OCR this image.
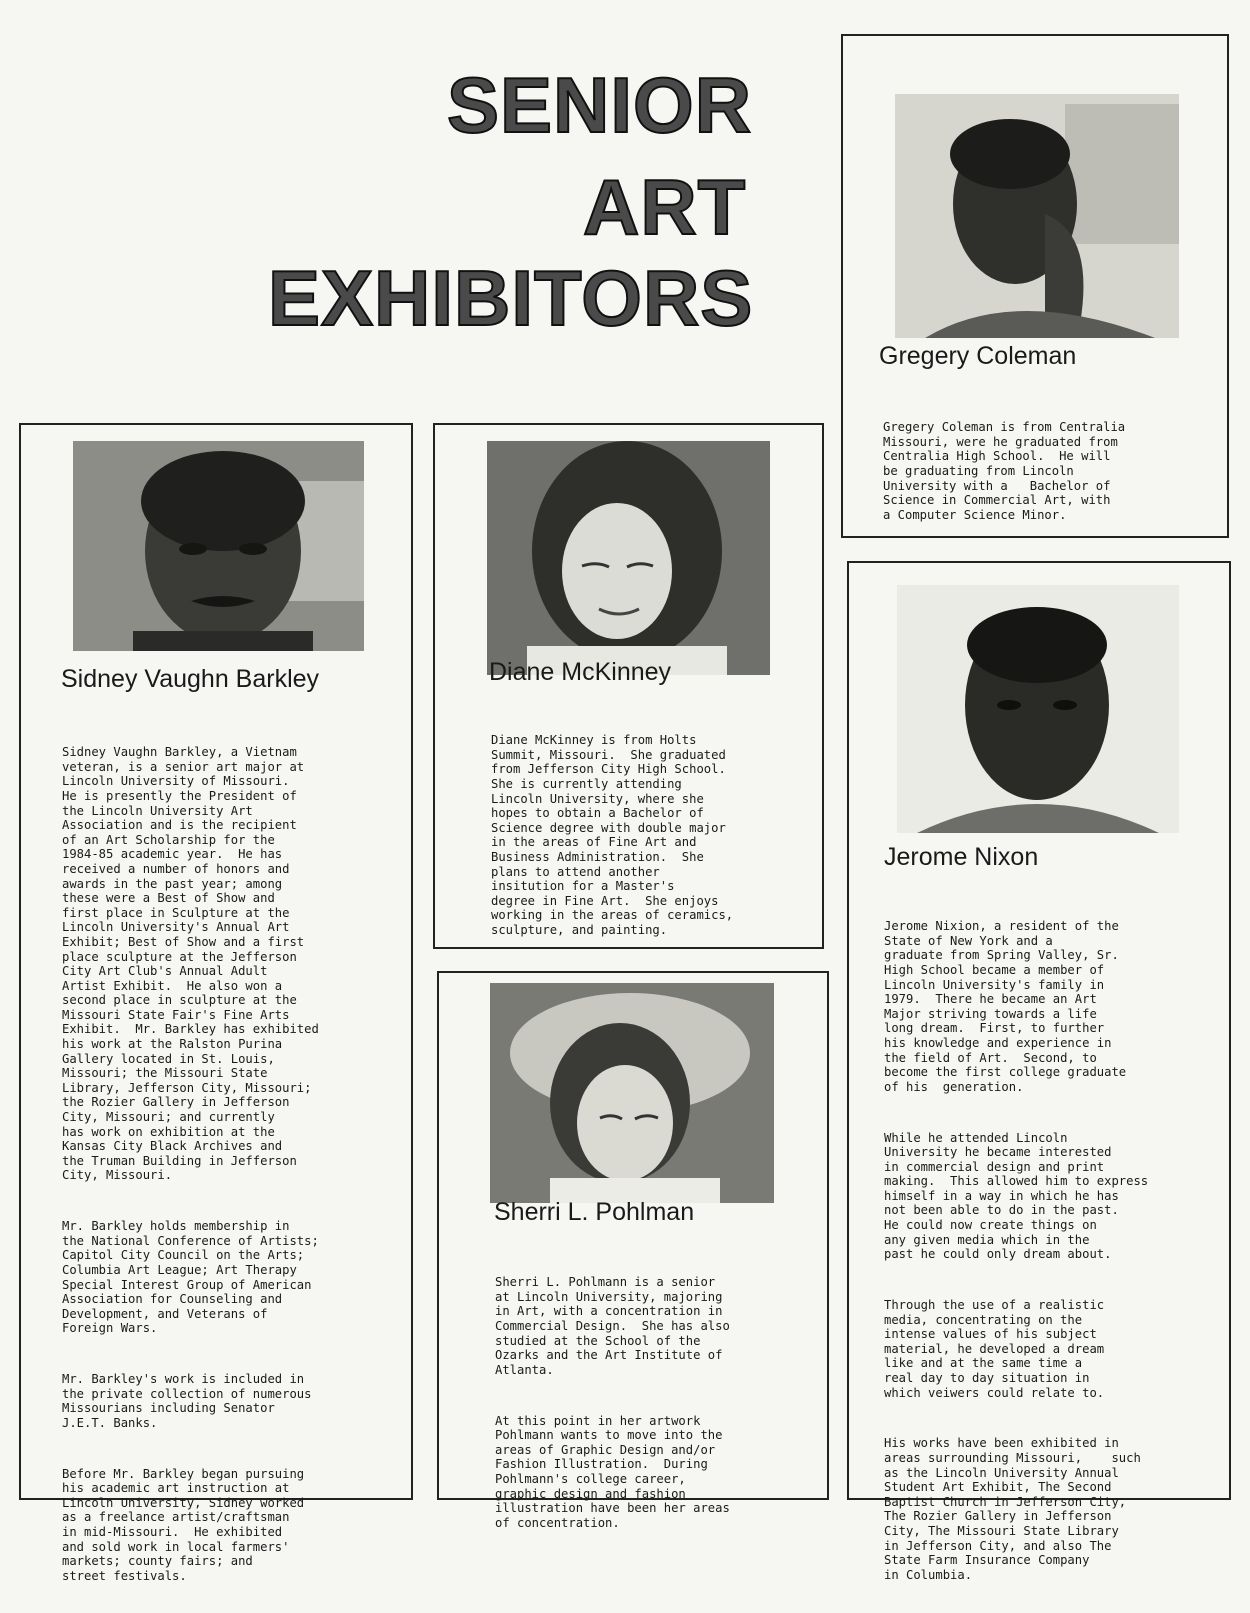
SENIOR
ART
EXHIBITORS
Sidney Vaughn Barkley

Sidney Vaughn Barkley, a Vietnam
veteran, is a senior art major at
Lincoln University of Missouri.
He is presently the President of
the Lincoln University Art
Association and is the recipient
of an Art Scholarship for the
1984-85 academic year.  He has
received a number of honors and
awards in the past year; among
these were a Best of Show and
first place in Sculpture at the
Lincoln University's Annual Art
Exhibit; Best of Show and a first
place sculpture at the Jefferson
City Art Club's Annual Adult
Artist Exhibit.  He also won a
second place in sculpture at the
Missouri State Fair's Fine Arts
Exhibit.  Mr. Barkley has exhibited
his work at the Ralston Purina
Gallery located in St. Louis,
Missouri; the Missouri State
Library, Jefferson City, Missouri;
the Rozier Gallery in Jefferson
City, Missouri; and currently
has work on exhibition at the
Kansas City Black Archives and
the Truman Building in Jefferson
City, Missouri.

Mr. Barkley holds membership in
the National Conference of Artists;
Capitol City Council on the Arts;
Columbia Art League; Art Therapy
Special Interest Group of American
Association for Counseling and
Development, and Veterans of
Foreign Wars.

Mr. Barkley's work is included in
the private collection of numerous
Missourians including Senator
J.E.T. Banks.

Before Mr. Barkley began pursuing
his academic art instruction at
Lincoln University, Sidney worked
as a freelance artist/craftsman
in mid-Missouri.  He exhibited
and sold work in local farmers'
markets; county fairs; and
street festivals.

Diane McKinney

Diane McKinney is from Holts
Summit, Missouri.  She graduated
from Jefferson City High School.
She is currently attending
Lincoln University, where she
hopes to obtain a Bachelor of
Science degree with double major
in the areas of Fine Art and
Business Administration.  She
plans to attend another
insitution for a Master's
degree in Fine Art.  She enjoys
working in the areas of ceramics,
sculpture, and painting.

Sherri L. Pohlman

Sherri L. Pohlmann is a senior
at Lincoln University, majoring
in Art, with a concentration in
Commercial Design.  She has also
studied at the School of the
Ozarks and the Art Institute of
Atlanta.

At this point in her artwork
Pohlmann wants to move into the
areas of Graphic Design and/or
Fashion Illustration.  During
Pohlmann's college career,
graphic design and fashion
illustration have been her areas
of concentration.

Gregery Coleman

Gregery Coleman is from Centralia
Missouri, were he graduated from
Centralia High School.  He will
be graduating from Lincoln
University with a   Bachelor of
Science in Commercial Art, with
a Computer Science Minor.

Jerome Nixon

Jerome Nixion, a resident of the
State of New York and a
graduate from Spring Valley, Sr.
High School became a member of
Lincoln University's family in
1979.  There he became an Art
Major striving towards a life
long dream.  First, to further
his knowledge and experience in
the field of Art.  Second, to
become the first college graduate
of his  generation.

While he attended Lincoln
University he became interested
in commercial design and print
making.  This allowed him to express
himself in a way in which he has
not been able to do in the past.
He could now create things on
any given media which in the
past he could only dream about.

Through the use of a realistic
media, concentrating on the
intense values of his subject
material, he developed a dream
like and at the same time a
real day to day situation in
which veiwers could relate to.

His works have been exhibited in
areas surrounding Missouri,    such
as the Lincoln University Annual
Student Art Exhibit, The Second
Baptist Church in Jefferson City,
The Rozier Gallery in Jefferson
City, The Missouri State Library
in Jefferson City, and also The
State Farm Insurance Company
in Columbia.
